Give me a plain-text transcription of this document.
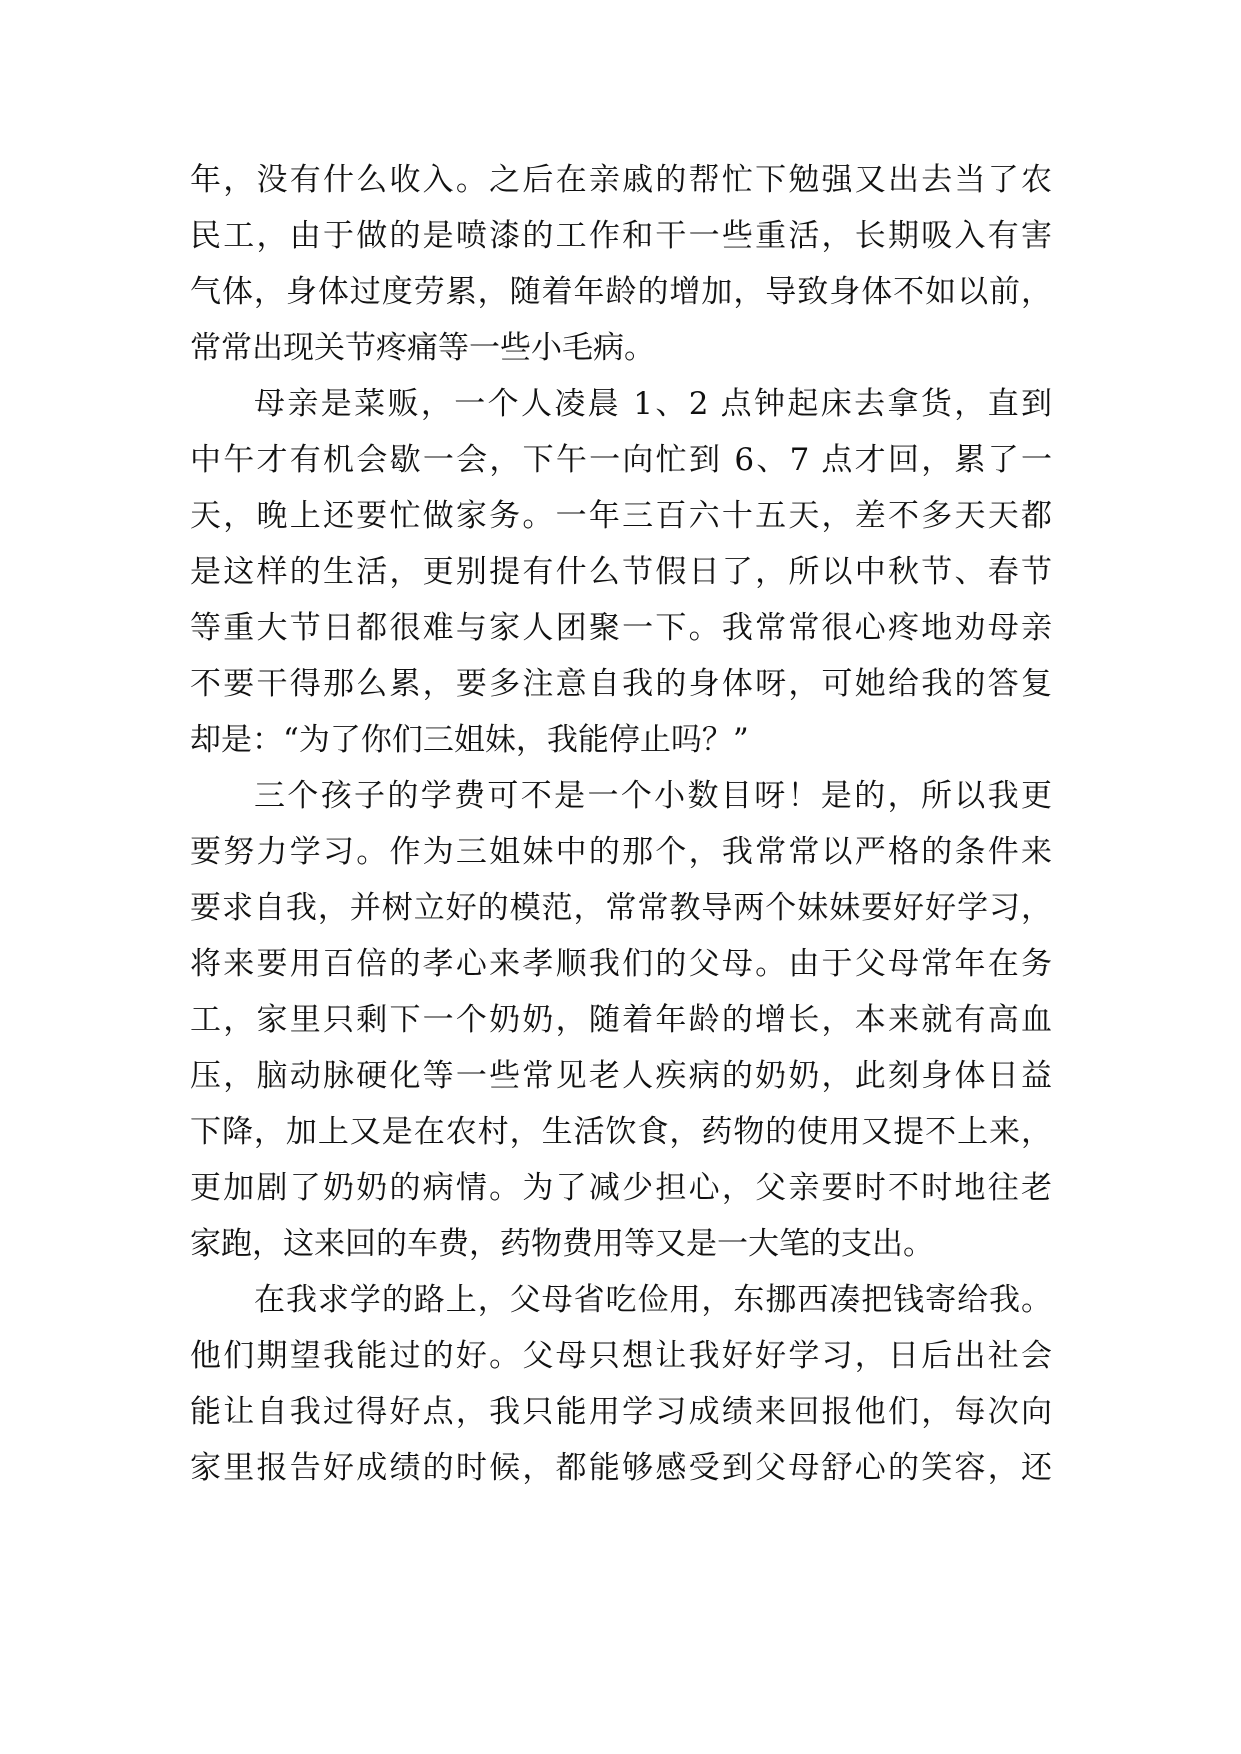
年，没有什么收入。之后在亲戚的帮忙下勉强又出去当了农
民工，由于做的是喷漆的工作和干一些重活，长期吸入有害
气体，身体过度劳累，随着年龄的增加，导致身体不如以前，
常常出现关节疼痛等一些小毛病。

母亲是菜贩，一个人凌晨 1、2 点钟起床去拿货，直到
中午才有机会歇一会，下午一向忙到 6、7 点才回，累了一
天，晚上还要忙做家务。一年三百六十五天，差不多天天都
是这样的生活，更别提有什么节假日了，所以中秋节、春节
等重大节日都很难与家人团聚一下。我常常很心疼地劝母亲
不要干得那么累，要多注意自我的身体呀，可她给我的答复
却是：“为了你们三姐妹，我能停止吗？”

三个孩子的学费可不是一个小数目呀！是的，所以我更
要努力学习。作为三姐妹中的那个，我常常以严格的条件来
要求自我，并树立好的模范，常常教导两个妹妹要好好学习，
将来要用百倍的孝心来孝顺我们的父母。由于父母常年在务
工，家里只剩下一个奶奶，随着年龄的增长，本来就有高血
压，脑动脉硬化等一些常见老人疾病的奶奶，此刻身体日益
下降，加上又是在农村，生活饮食，药物的使用又提不上来，
更加剧了奶奶的病情。为了减少担心，父亲要时不时地往老
家跑，这来回的车费，药物费用等又是一大笔的支出。

在我求学的路上，父母省吃俭用，东挪西凑把钱寄给我。
他们期望我能过的好。父母只想让我好好学习，日后出社会
能让自我过得好点，我只能用学习成绩来回报他们，每次向
家里报告好成绩的时候，都能够感受到父母舒心的笑容，还
